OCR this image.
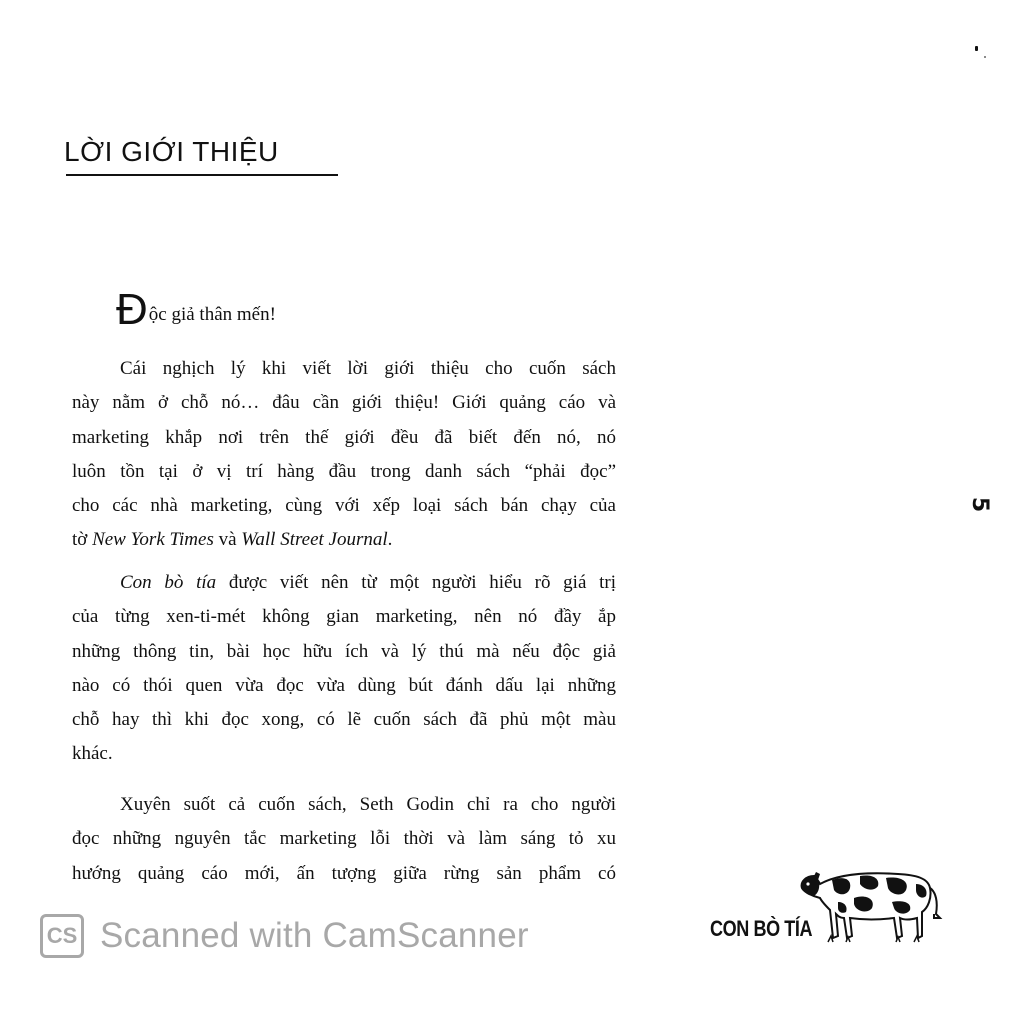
LỜI GIỚI THIỆU
Độc giả thân mến!
Cái nghịch lý khi viết lời giới thiệu cho cuốn sách
này nằm ở chỗ nó… đâu cần giới thiệu! Giới quảng cáo và
marketing khắp nơi trên thế giới đều đã biết đến nó, nó
luôn tồn tại ở vị trí hàng đầu trong danh sách “phải đọc”
cho các nhà marketing, cùng với xếp loại sách bán chạy của
tờ New York Times và Wall Street Journal.
Con bò tía được viết nên từ một người hiểu rõ giá trị
của từng xen-ti-mét không gian marketing, nên nó đầy ắp
những thông tin, bài học hữu ích và lý thú mà nếu độc giả
nào có thói quen vừa đọc vừa dùng bút đánh dấu lại những
chỗ hay thì khi đọc xong, có lẽ cuốn sách đã phủ một màu
khác.
Xuyên suốt cả cuốn sách, Seth Godin chỉ ra cho người
đọc những nguyên tắc marketing lỗi thời và làm sáng tỏ xu
hướng quảng cáo mới, ấn tượng giữa rừng sản phẩm có
5
CS Scanned with CamScanner	CON BÒ TÍA
